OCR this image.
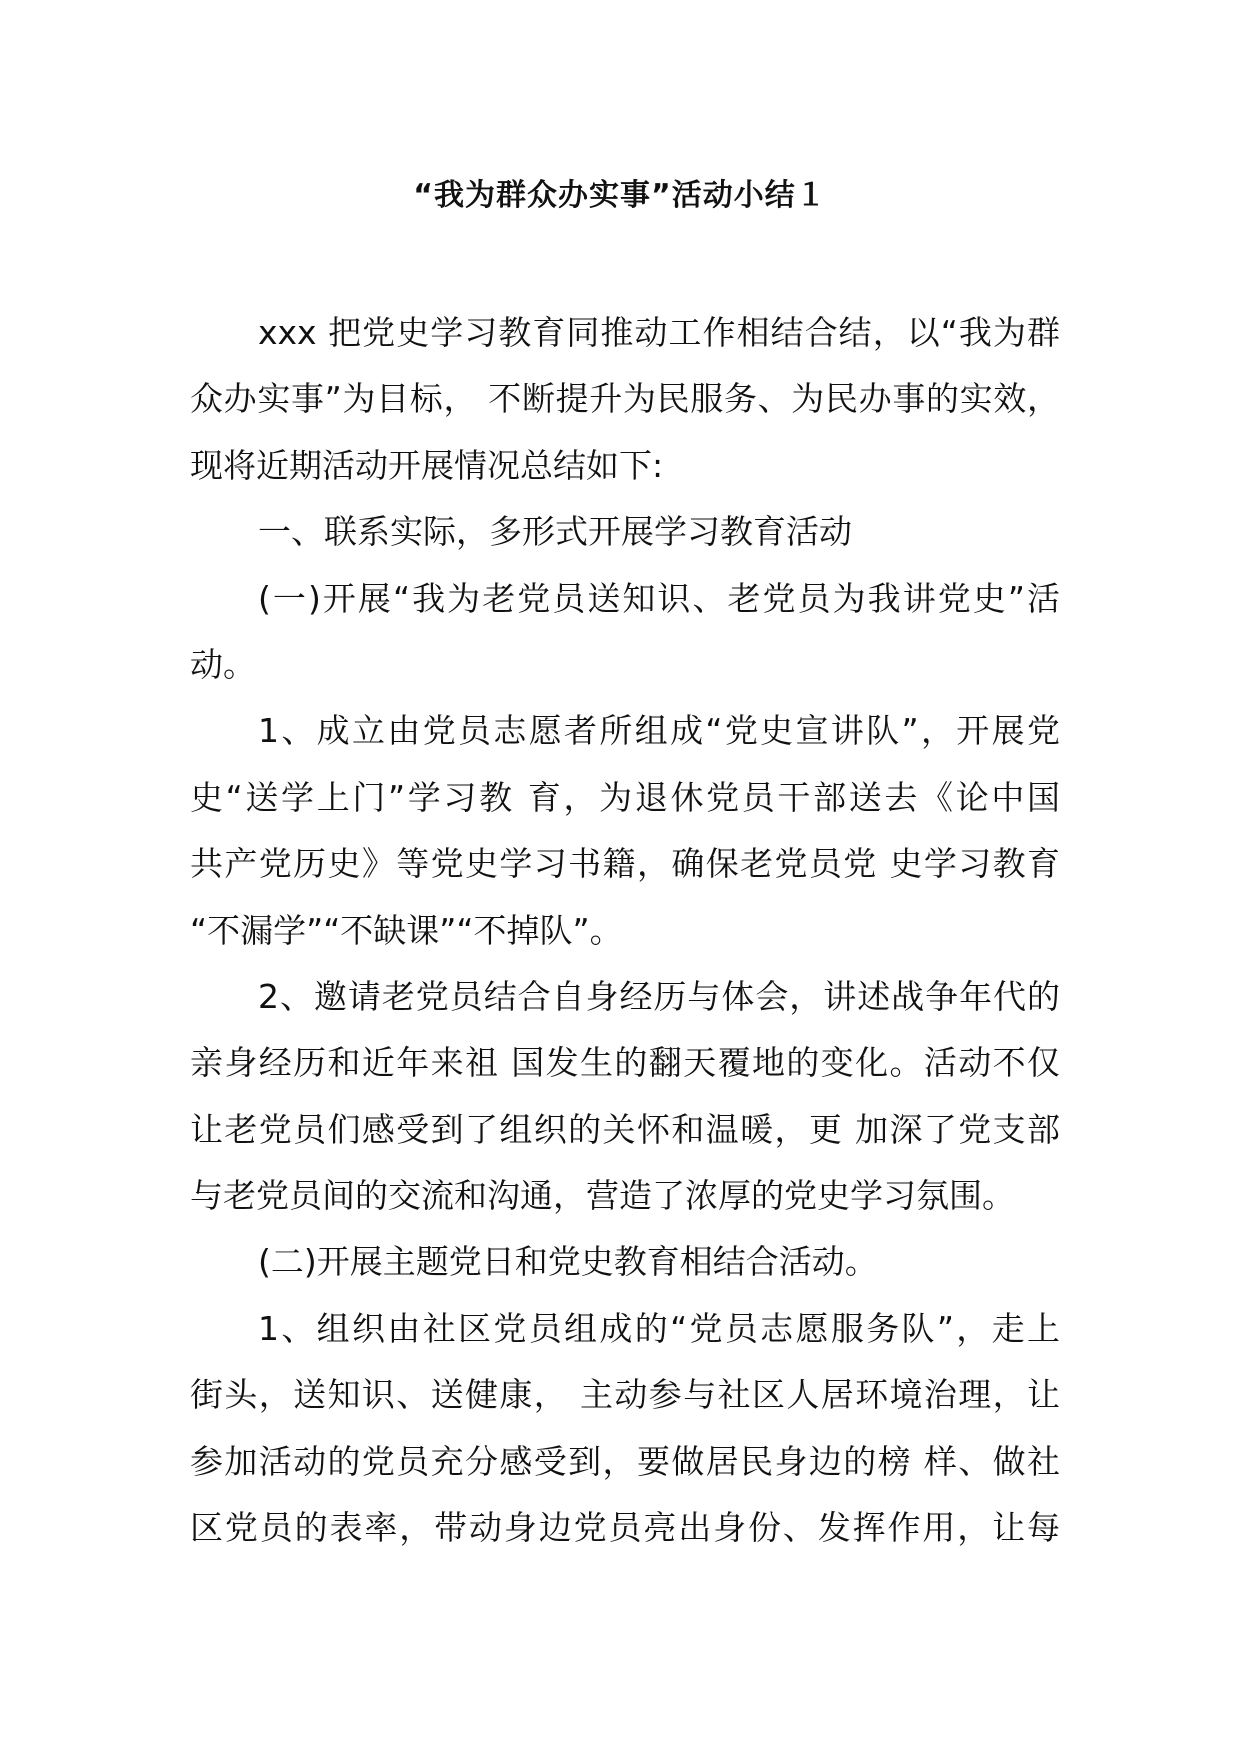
“我为群众办实事”活动小结１
xxx 把党史学习教育同推动工作相结合结，以“我为群
众办实事”为目标， 不断提升为民服务、为民办事的实效，
现将近期活动开展情况总结如下:
一、联系实际，多形式开展学习教育活动
(一)开展“我为老党员送知识、老党员为我讲党史”活
动。
1、成立由党员志愿者所组成“党史宣讲队”，开展党
史“送学上门”学习教 育，为退休党员干部送去《论中国
共产党历史》等党史学习书籍，确保老党员党 史学习教育
“不漏学”“不缺课”“不掉队”。
2、邀请老党员结合自身经历与体会，讲述战争年代的
亲身经历和近年来祖 国发生的翻天覆地的变化。活动不仅
让老党员们感受到了组织的关怀和温暖，更 加深了党支部
与老党员间的交流和沟通，营造了浓厚的党史学习氛围。
(二)开展主题党日和党史教育相结合活动。
1、组织由社区党员组成的“党员志愿服务队”，走上
街头，送知识、送健康， 主动参与社区人居环境治理，让
参加活动的党员充分感受到，要做居民身边的榜 样、做社
区党员的表率，带动身边党员亮出身份、发挥作用，让每
